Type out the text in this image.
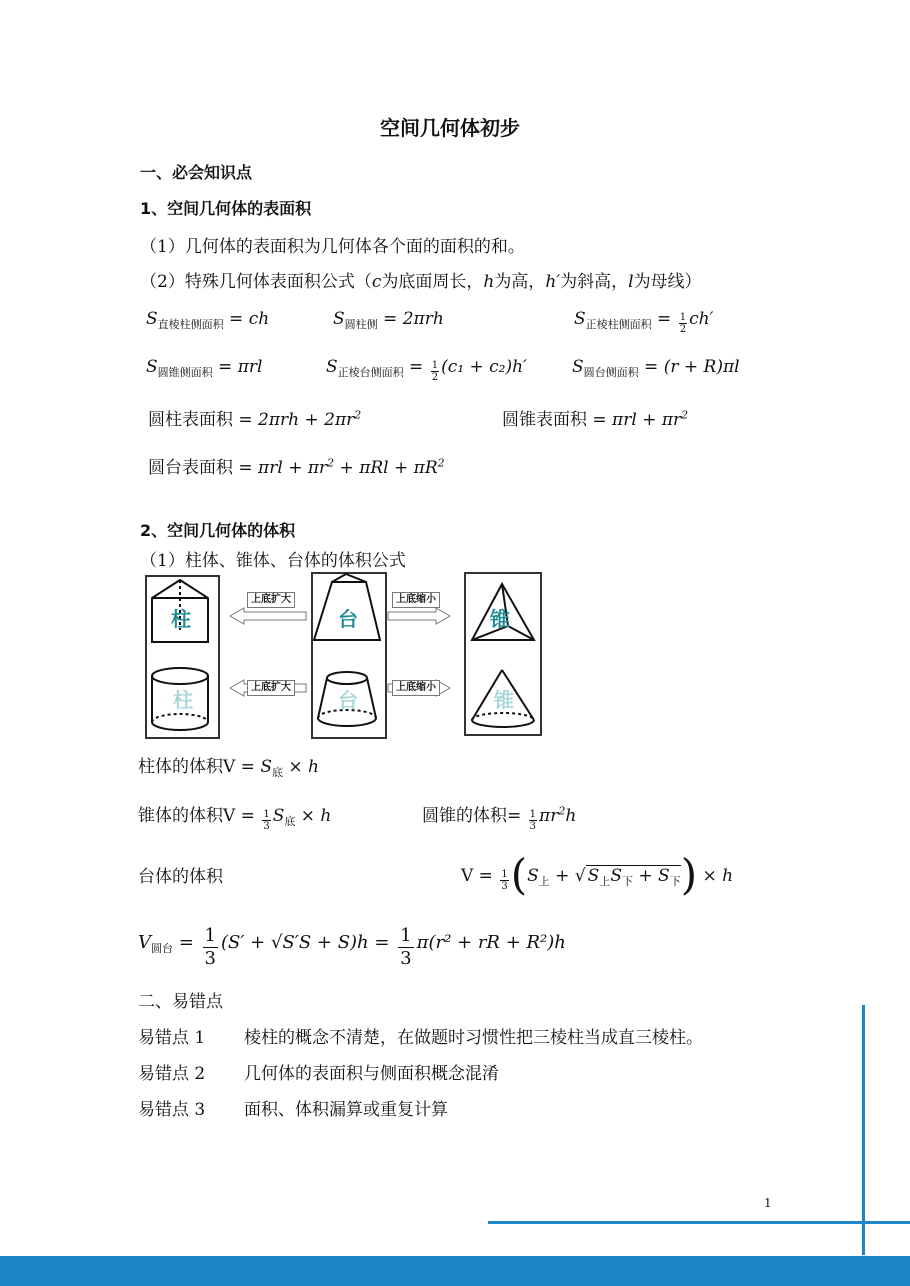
空间几何体初步
一、必会知识点
1、空间几何体的表面积
（1）几何体的表面积为几何体各个面的面积的和。
（2）特殊几何体表面积公式（c为底面周长，h为高，h′为斜高，l为母线）
$S_{直棱柱侧面积}$ = ch	$S_{圆柱侧} = 2\pi rh$	$S_{正棱柱侧面积} = \frac{1}{2} ch'$
$S_{圆锥侧面积} = \pi rl$	$S_{正棱台侧面积} = \frac{1}{2} (c_1 + c_2)h'$	$S_{圆台侧面积} = (r + R)\pi l$
圆柱表面积 = $2\pi rh + 2\pi r^2$	圆锥表面积 = $\pi rl + \pi r^2$
圆台表面积 = $\pi rl + \pi r^2 + \pi Rl + \pi R^2$
2、空间几何体的体积
（1）柱体、锥体、台体的体积公式
上底扩大
上底扩大
上底缩小
上底缩小
柱
柱
台
台
锥
锥
柱体的体积$V = S_底 \times h$
锥体的体积$V = \frac{1}{3} S_底 \times h$	圆锥的体积= $\frac{1}{3} \pi r^2h$
台体的体积	$V = \frac{1}{3} (S_上$ + √ $S_上S_下 + S_下) \times h$
$V_{圆台} = \frac{1}{3} (S' + √S'S + S)h = \frac{1}{3} \pi(r^2$ + rR + R²)h
二、易错点
易错点 1 棱柱的概念不清楚，在做题时习惯性把三棱柱当成直三棱柱。
易错点 2 几何体的表面积与侧面积概念混淆
易错点 3 面积、体积漏算或重复计算
1
